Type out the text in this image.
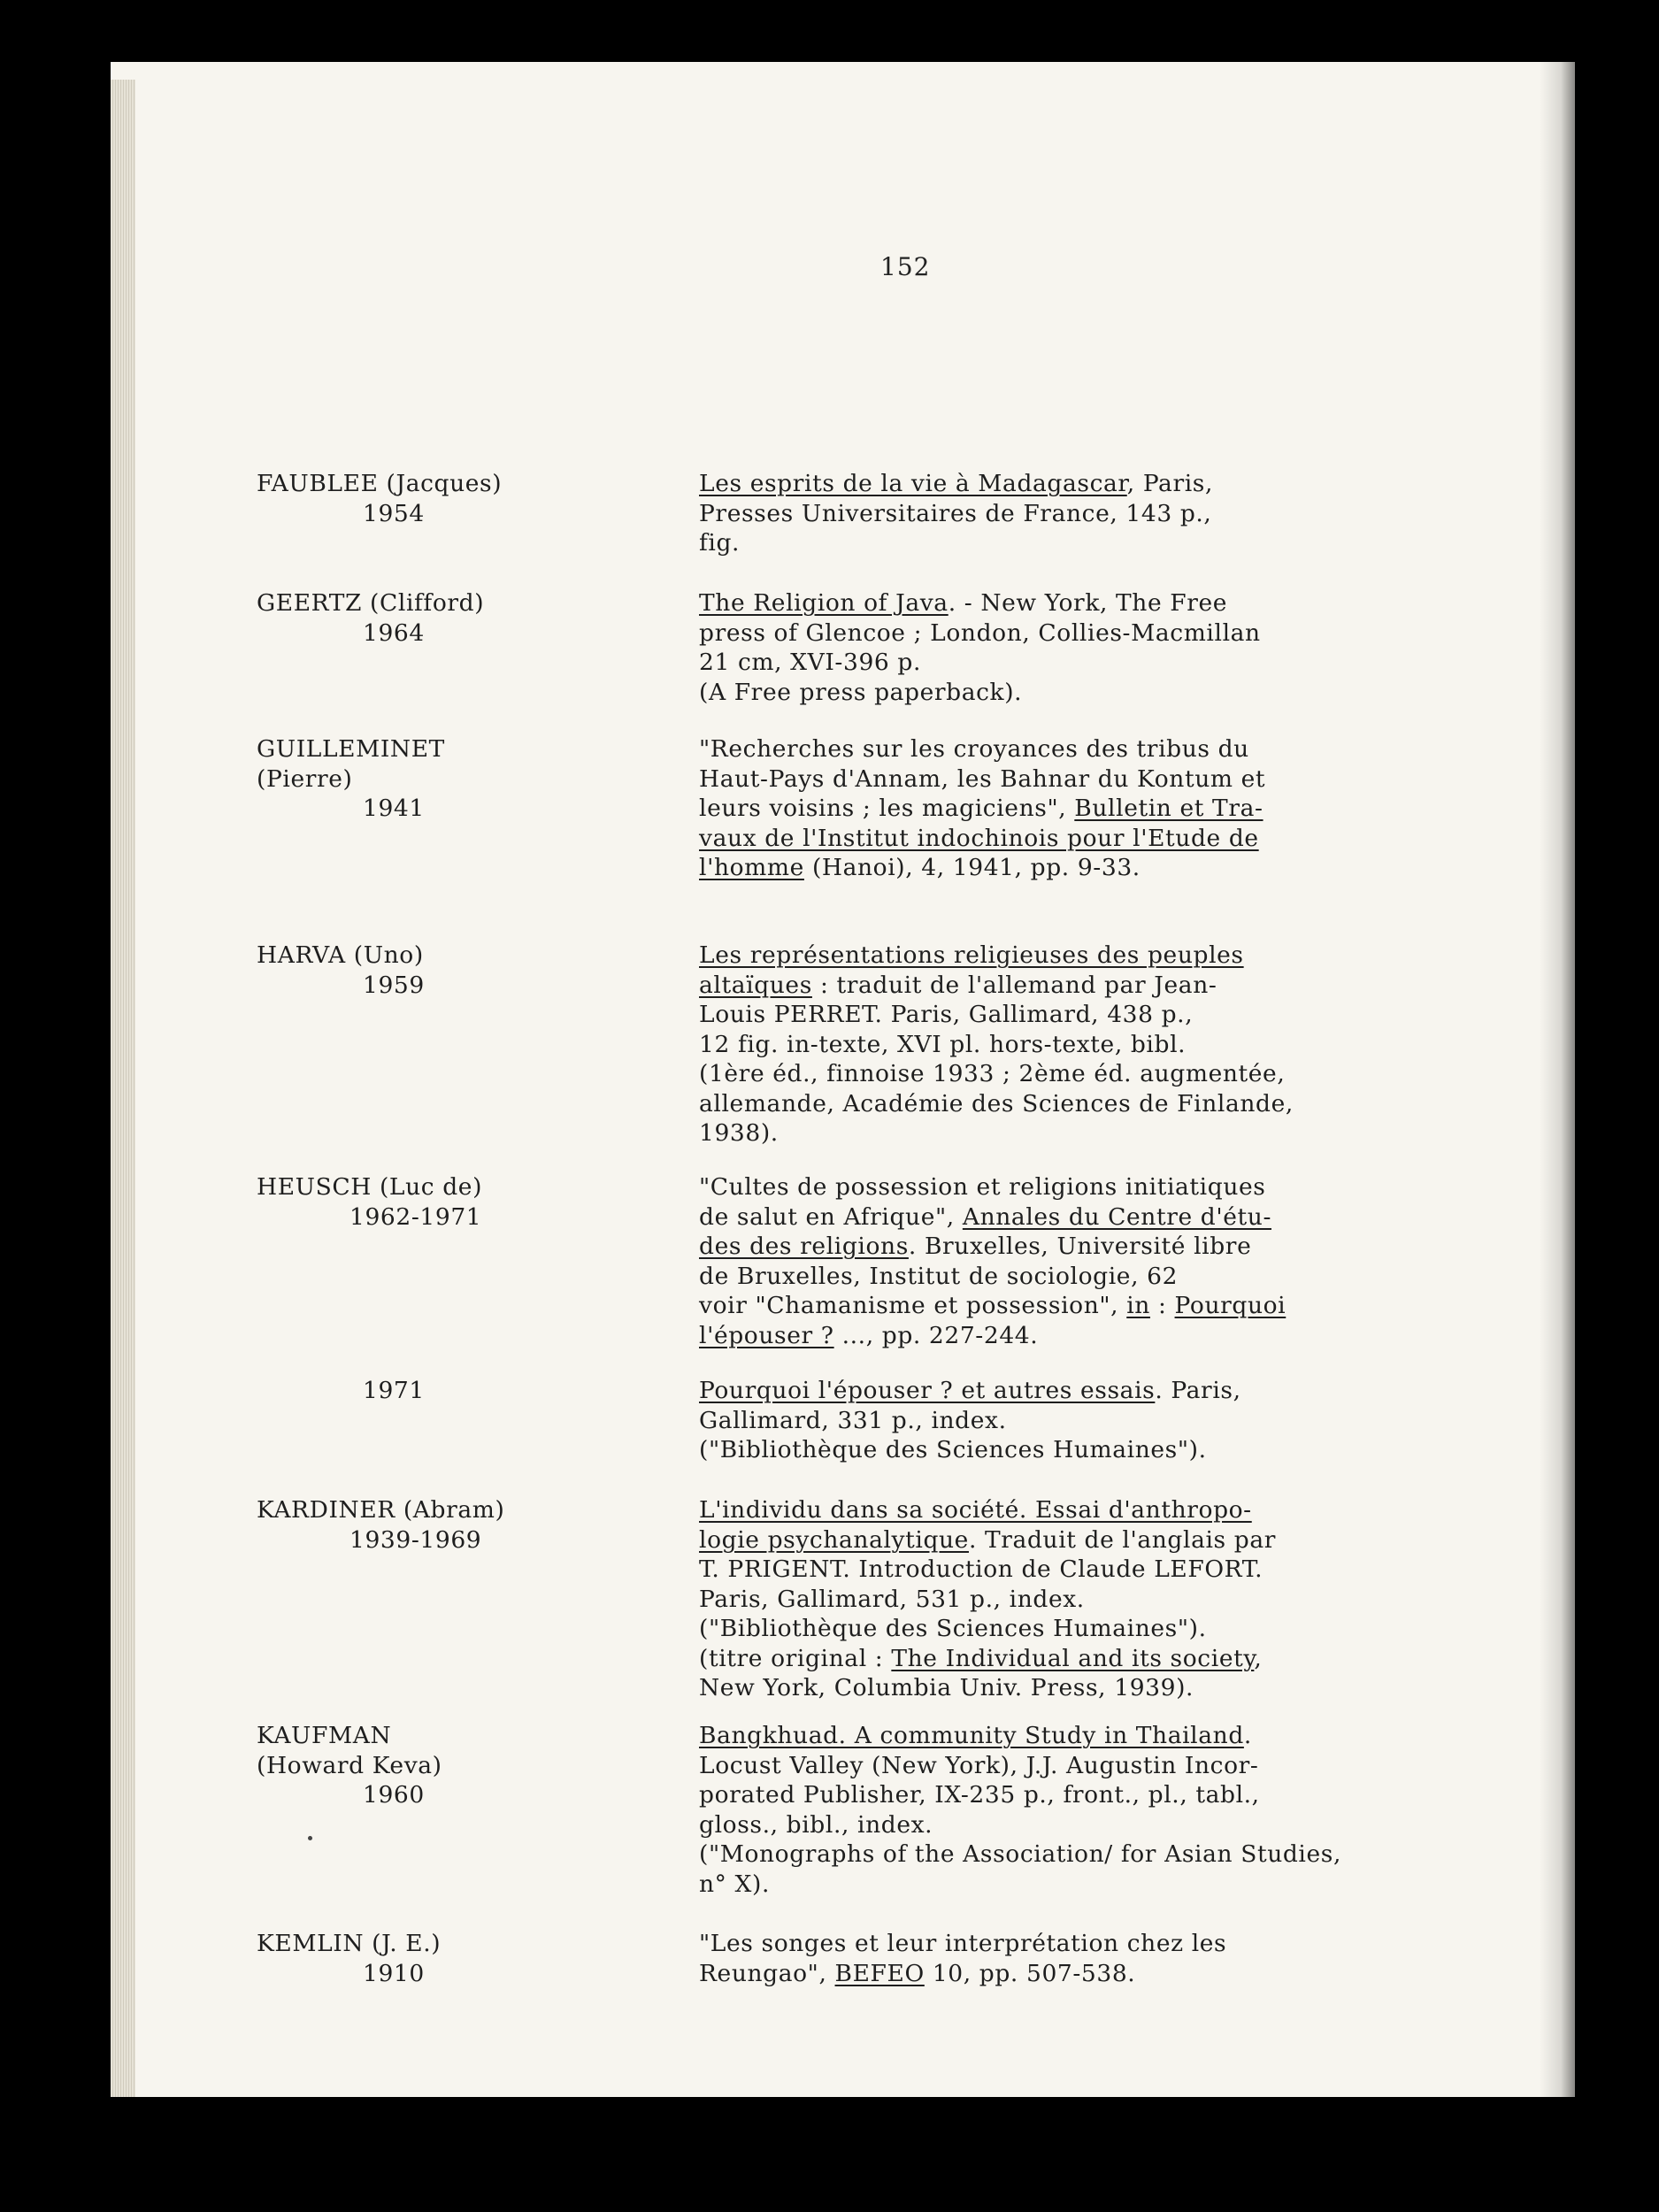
152
FAUBLEE (Jacques)
1954
Les esprits de la vie à Madagascar, Paris,
Presses Universitaires de France, 143 p.,
fig.
GEERTZ (Clifford)
1964
The Religion of Java. - New York, The Free
press of Glencoe ; London, Collies-Macmillan
21 cm, XVI-396 p.
(A Free press paperback).
GUILLEMINET
(Pierre)
1941
"Recherches sur les croyances des tribus du
Haut-Pays d'Annam, les Bahnar du Kontum et
leurs voisins ; les magiciens", Bulletin et Tra-
vaux de l'Institut indochinois pour l'Etude de
l'homme (Hanoi), 4, 1941, pp. 9-33.
HARVA (Uno)
1959
Les représentations religieuses des peuples
altaïques : traduit de l'allemand par Jean-
Louis PERRET. Paris, Gallimard, 438 p.,
12 fig. in-texte, XVI pl. hors-texte, bibl.
(1ère éd., finnoise 1933 ; 2ème éd. augmentée,
allemande, Académie des Sciences de Finlande,
1938).
HEUSCH (Luc de)
1962-1971
"Cultes de possession et religions initiatiques
de salut en Afrique", Annales du Centre d'étu-
des des religions. Bruxelles, Université libre
de Bruxelles, Institut de sociologie, 62
voir "Chamanisme et possession", in : Pourquoi
l'épouser ? ..., pp. 227-244.
1971	Pourquoi l'épouser ? et autres essais. Paris,
Gallimard, 331 p., index.
("Bibliothèque des Sciences Humaines").
KARDINER (Abram)
1939-1969
L'individu dans sa société. Essai d'anthropo-
logie psychanalytique. Traduit de l'anglais par
T. PRIGENT. Introduction de Claude LEFORT.
Paris, Gallimard, 531 p., index.
("Bibliothèque des Sciences Humaines").
(titre original : The Individual and its society,
New York, Columbia Univ. Press, 1939).
KAUFMAN
(Howard Keva)
1960
Bangkhuad. A community Study in Thailand.
Locust Valley (New York), J.J. Augustin Incor-
porated Publisher, IX-235 p., front., pl., tabl.,
gloss., bibl., index.
("Monographs of the Association/ for Asian Studies,
n° X).
KEMLIN (J. E.)
1910
"Les songes et leur interprétation chez les
Reungao", BEFEO 10, pp. 507-538.
